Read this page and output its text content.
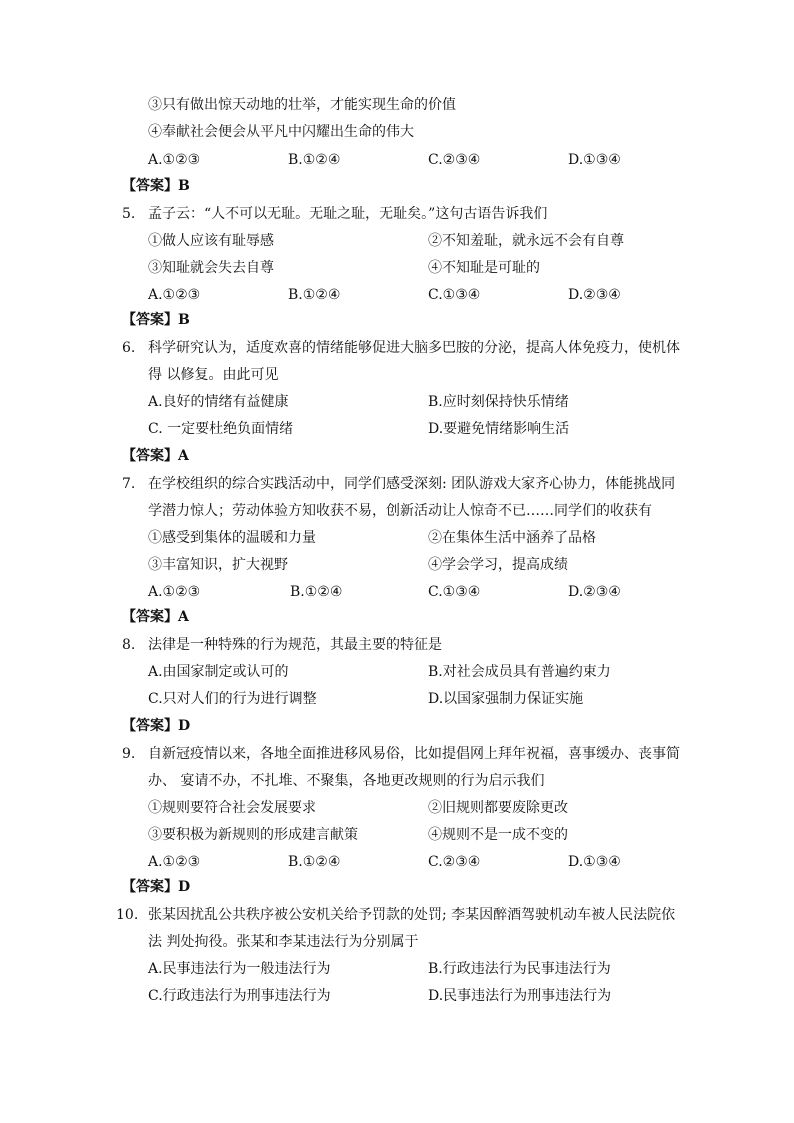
③只有做出惊天动地的壮举，才能实现生命的价值
④奉献社会便会从平凡中闪耀出生命的伟大
A.①②③	B.①②④	C.②③④	D.①③④
【答案】B
5. 孟子云：“人不可以无耻。无耻之耻，无耻矣。”这句古语告诉我们
①做人应该有耻辱感	②不知羞耻，就永远不会有自尊
③知耻就会失去自尊	④不知耻是可耻的
A.①②③	B.①②④	C.①③④	D.②③④
【答案】B
6. 科学研究认为，适度欢喜的情绪能够促进大脑多巴胺的分泌，提高人体免疫力，使机体
得 以修复。由此可见
A.良好的情绪有益健康	B.应时刻保持快乐情绪
C. 一定要杜绝负面情绪	D.要避免情绪影响生活
【答案】A
7. 在学校组织的综合实践活动中，同学们感受深刻: 团队游戏大家齐心协力，体能挑战同
学潜力惊人；劳动体验方知收获不易，创新活动让人惊奇不已……同学们的收获有
①感受到集体的温暖和力量	②在集体生活中涵养了品格
③丰富知识，扩大视野	④学会学习，提高成绩
A.①②③	B.①②④	C.①③④	D.②③④
【答案】A
8. 法律是一种特殊的行为规范，其最主要的特征是
A.由国家制定或认可的	B.对社会成员具有普遍约束力
C.只对人们的行为进行调整	D.以国家强制力保证实施
【答案】D
9. 自新冠疫情以来，各地全面推进移风易俗，比如提倡网上拜年祝福，喜事缓办、丧事简
办、 宴请不办，不扎堆、不聚集，各地更改规则的行为启示我们
①规则要符合社会发展要求	②旧规则都要废除更改
③要积极为新规则的形成建言献策	④规则不是一成不变的
A.①②③	B.①②④	C.②③④	D.①③④
【答案】D
10. 张某因扰乱公共秩序被公安机关给予罚款的处罚; 李某因醉酒驾驶机动车被人民法院依
法 判处拘役。张某和李某违法行为分别属于
A.民事违法行为一般违法行为	B.行政违法行为民事违法行为
C.行政违法行为刑事违法行为	D.民事违法行为刑事违法行为
